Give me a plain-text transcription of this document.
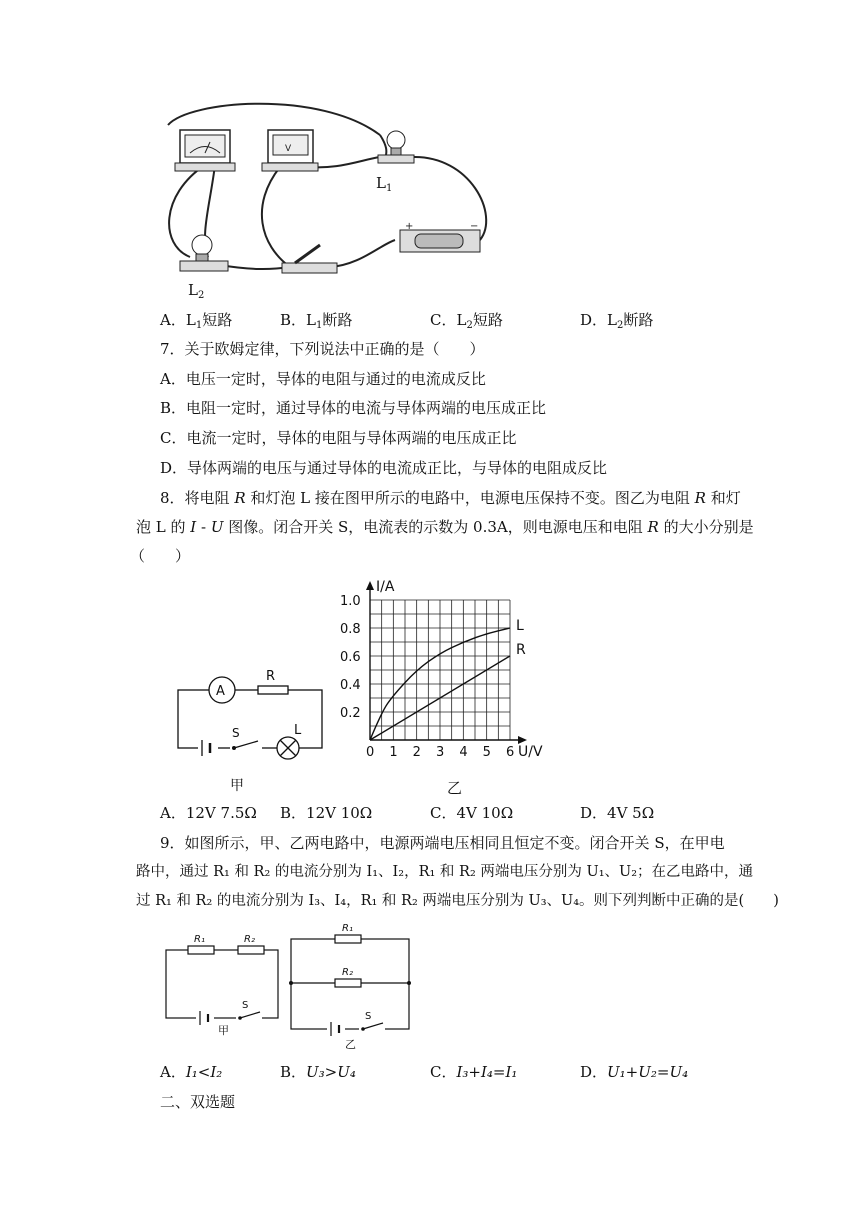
V
+	−
$L_1$
$L_2$
A．$L_1$短路	B．$L_1$断路	C．$L_2$短路	D．$L_2$断路
7．关于欧姆定律，下列说法中正确的是（　　）
A．电压一定时，导体的电阻与通过的电流成反比
B．电阻一定时，通过导体的电流与导体两端的电压成正比
C．电流一定时，导体的电阻与导体两端的电压成正比
D．导体两端的电压与通过导体的电流成正比，与导体的电阻成反比
8．将电阻 R 和灯泡 L 接在图甲所示的电路中，电源电压保持不变。图乙为电阻 R 和灯
泡 L 的 I - U 图像。闭合开关 S，电流表的示数为 0.3A，则电源电压和电阻 R 的大小分别是
（　　）
A
R
S	L
甲
0 1 2 3 4 5 6
0.2
0.4
0.6
0.8
1.0
I/A
U/V
L
R
乙
A．12V 7.5Ω B．12V 10Ω	C．4V 10Ω	D．4V 5Ω
9．如图所示，甲、乙两电路中，电源两端电压相同且恒定不变。闭合开关 S，在甲电
路中，通过 R₁ 和 R₂ 的电流分别为 I₁、I₂，R₁ 和 R₂ 两端电压分别为 U₁、U₂；在乙电路中，通
过 R₁ 和 R₂ 的电流分别为 I₃、I₄，R₁ 和 R₂ 两端电压分别为 U₃、U₄。则下列判断中正确的是(　　)
R₁	R₂
S
甲
R₁
R₂
S
乙
A．I₁<I₂	B．U₃>U₄	C．I₃+I₄=I₁	D．U₁+U₂=U₄
二、双选题
